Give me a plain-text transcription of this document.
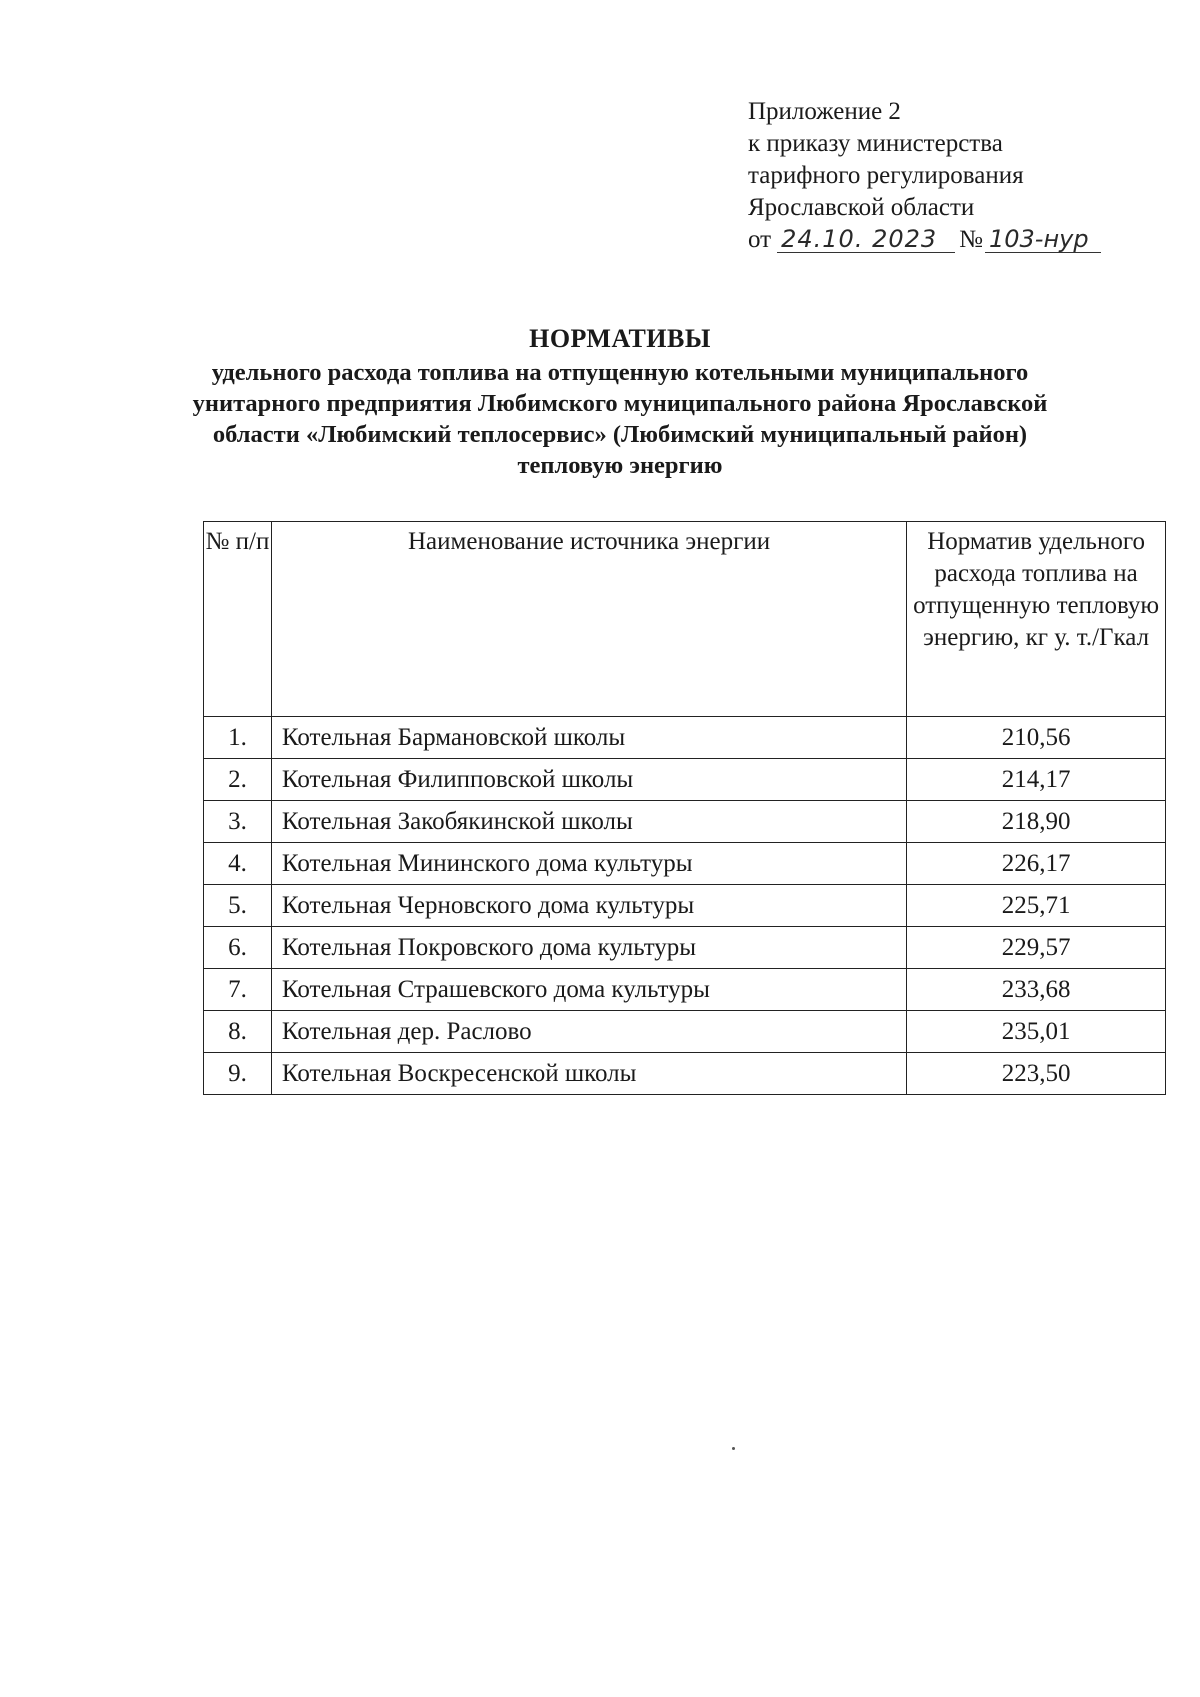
Приложение 2
к приказу министерства
тарифного регулирования
Ярославской области
от 24.10. 2023 № 103-нур
НОРМАТИВЫ
удельного расхода топлива на отпущенную котельными муниципального унитарного предприятия Любимского муниципального района Ярославской области «Любимский теплосервис» (Любимский муниципальный район) тепловую энергию
№ п/п	Наименование источника энергии	Норматив удельного расхода топлива на отпущенную тепловую энергию, кг у. т./Гкал
1.	Котельная Бармановской школы	210,56
2.	Котельная Филипповской школы	214,17
3.	Котельная Закобякинской школы	218,90
4.	Котельная Мининского дома культуры	226,17
5.	Котельная Черновского дома культуры	225,71
6.	Котельная Покровского дома культуры	229,57
7.	Котельная Страшевского дома культуры	233,68
8.	Котельная дер. Раслово	235,01
9.	Котельная Воскресенской школы	223,50
